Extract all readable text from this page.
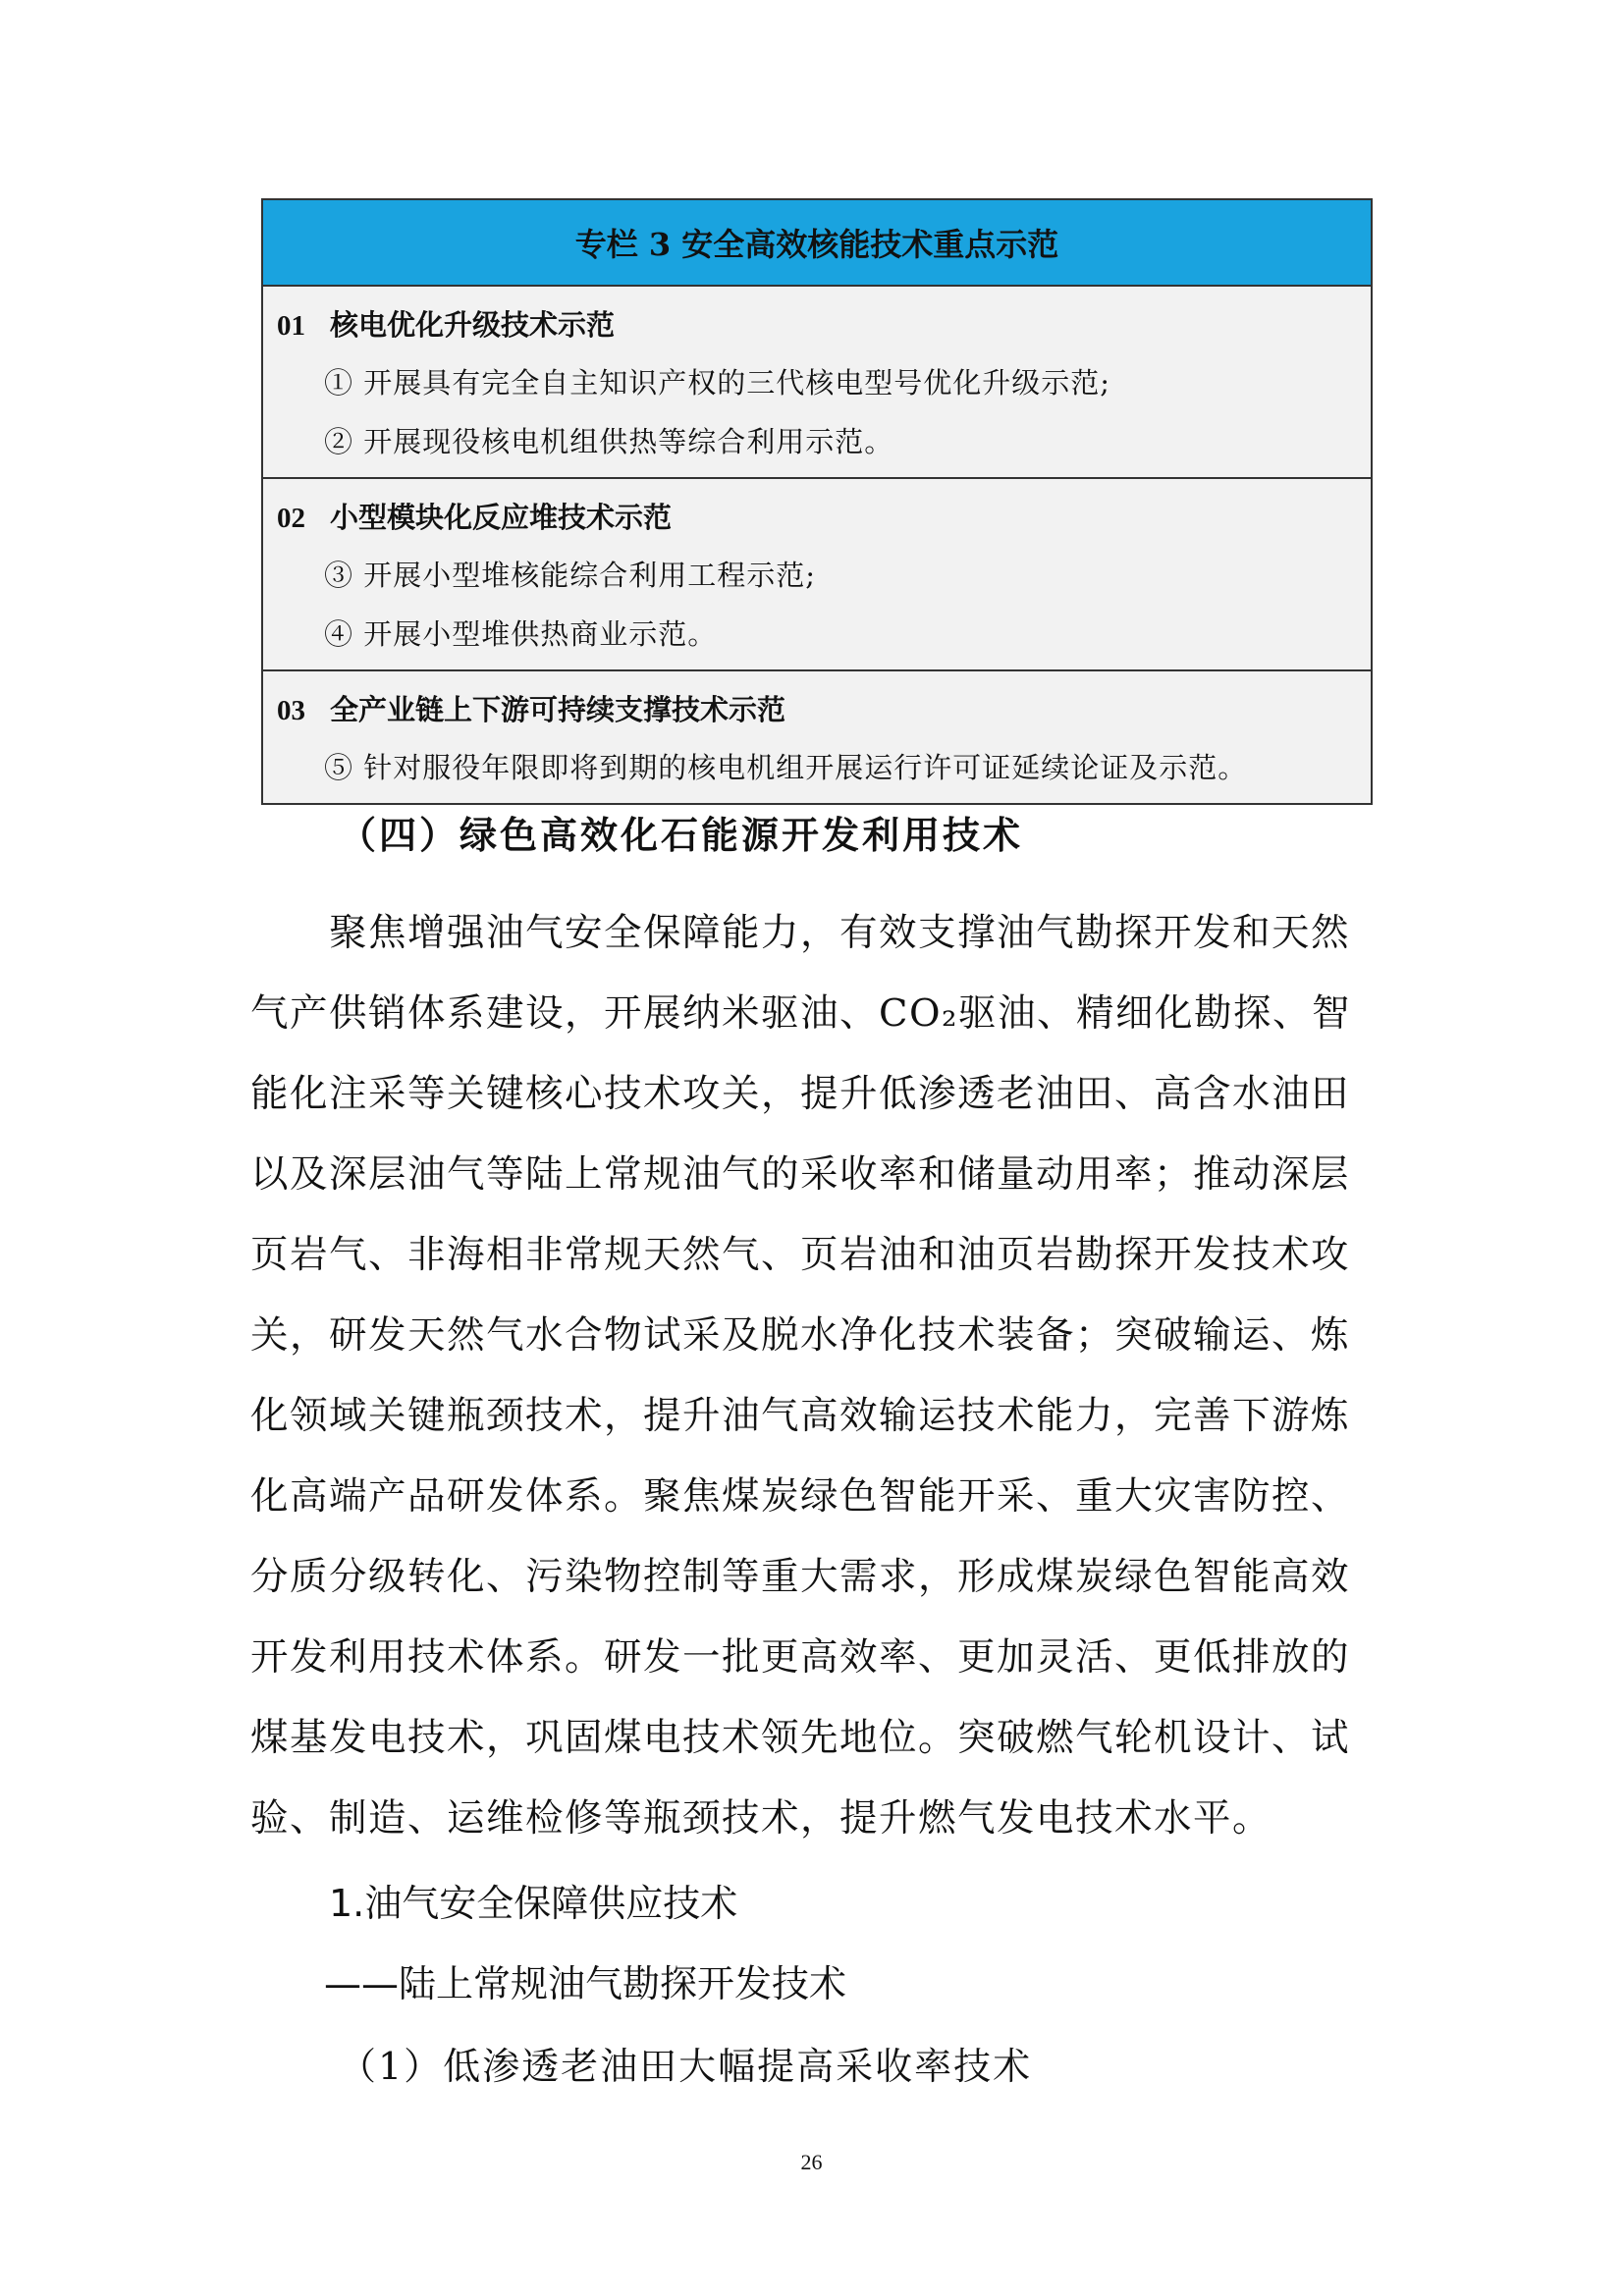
专栏 3 安全高效核能技术重点示范
01 核电优化升级技术示范
① 开展具有完全自主知识产权的三代核电型号优化升级示范;
② 开展现役核电机组供热等综合利用示范。
02 小型模块化反应堆技术示范
③ 开展小型堆核能综合利用工程示范;
④ 开展小型堆供热商业示范。
03 全产业链上下游可持续支撑技术示范
⑤ 针对服役年限即将到期的核电机组开展运行许可证延续论证及示范。
（四）绿色高效化石能源开发利用技术
聚焦增强油气安全保障能力，有效支撑油气勘探开发和天然
气产供销体系建设，开展纳米驱油、CO₂驱油、精细化勘探、智
能化注采等关键核心技术攻关，提升低渗透老油田、高含水油田
以及深层油气等陆上常规油气的采收率和储量动用率；推动深层
页岩气、非海相非常规天然气、页岩油和油页岩勘探开发技术攻
关，研发天然气水合物试采及脱水净化技术装备；突破输运、炼
化领域关键瓶颈技术，提升油气高效输运技术能力，完善下游炼
化高端产品研发体系。聚焦煤炭绿色智能开采、重大灾害防控、
分质分级转化、污染物控制等重大需求，形成煤炭绿色智能高效
开发利用技术体系。研发一批更高效率、更加灵活、更低排放的
煤基发电技术，巩固煤电技术领先地位。突破燃气轮机设计、试
验、制造、运维检修等瓶颈技术，提升燃气发电技术水平。
1.油气安全保障供应技术
——陆上常规油气勘探开发技术
（1）低渗透老油田大幅提高采收率技术
26
